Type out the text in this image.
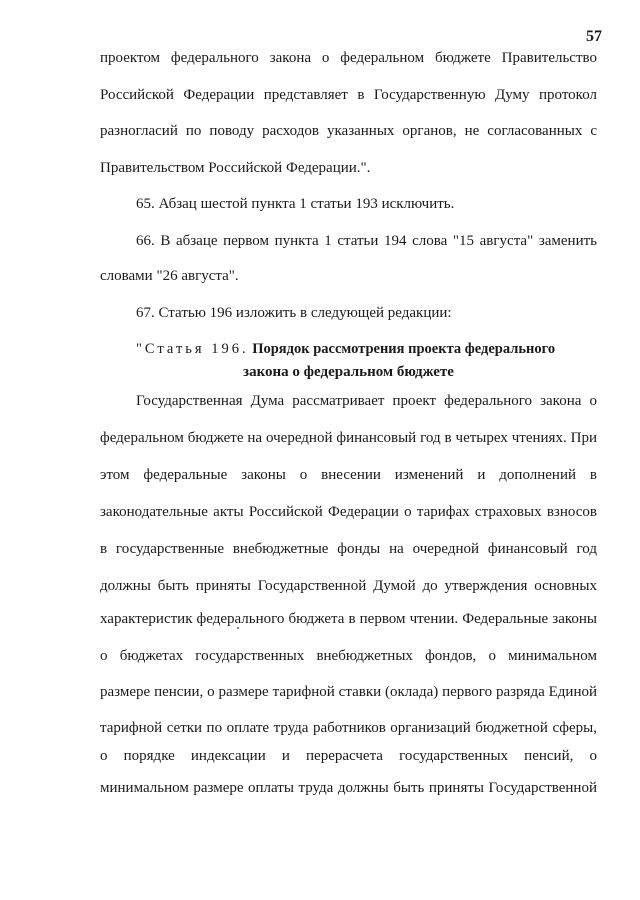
57
проектом федерального закона о федеральном бюджете Правительство
Российской Федерации представляет в Государственную Думу протокол
разногласий по поводу расходов указанных органов, не согласованных с
Правительством Российской Федерации.".
65. Абзац шестой пункта 1 статьи 193 исключить.
66. В абзаце первом пункта 1 статьи 194 слова "15 августа" заменить
словами "26 августа".
67. Статью 196 изложить в следующей редакции:
"Статья 196. Порядок рассмотрения проекта федерального
закона о федеральном бюджете
Государственная Дума рассматривает проект федерального закона о
федеральном бюджете на очередной финансовый год в четырех чтениях. При
этом федеральные законы о внесении изменений и дополнений в
законодательные акты Российской Федерации о тарифах страховых взносов
в государственные внебюджетные фонды на очередной финансовый год
должны быть приняты Государственной Думой до утверждения основных
характеристик федерального бюджета в первом чтении. Федеральные законы
о бюджетах государственных внебюджетных фондов, о минимальном
размере пенсии, о размере тарифной ставки (оклада) первого разряда Единой
тарифной сетки по оплате труда работников организаций бюджетной сферы,
о порядке индексации и перерасчета государственных пенсий, о
минимальном размере оплаты труда должны быть приняты Государственной
